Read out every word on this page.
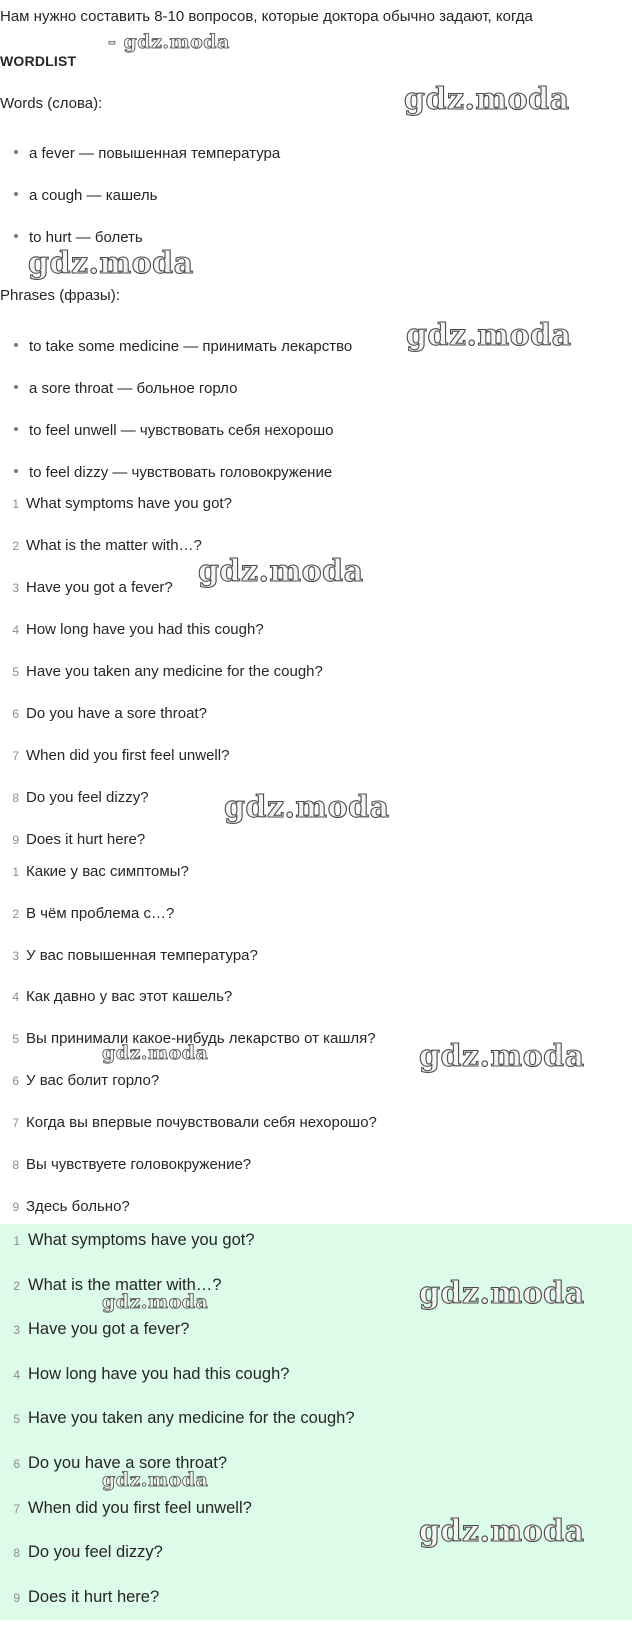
Нам нужно составить 8-10 вопросов, которые доктора обычно задают, когда
WORDLIST
Words (слова):
a fever — повышенная температура
a cough — кашель
to hurt — болеть
Phrases (фразы):
to take some medicine — принимать лекарство
a sore throat — больное горло
to feel unwell — чувствовать себя нехорошо
to feel dizzy — чувствовать головокружение
1 What symptoms have you got?
2 What is the matter with…?
3 Have you got a fever?
4 How long have you had this cough?
5 Have you taken any medicine for the cough?
6 Do you have a sore throat?
7 When did you first feel unwell?
8 Do you feel dizzy?
9 Does it hurt here?
1 Какие у вас симптомы?
2 В чём проблема с…?
3 У вас повышенная температура?
4 Как давно у вас этот кашель?
5 Вы принимали какое-нибудь лекарство от кашля?
6 У вас болит горло?
7 Когда вы впервые почувствовали себя нехорошо?
8 Вы чувствуете головокружение?
9 Здесь больно?
1 What symptoms have you got?
2 What is the matter with…?
3 Have you got a fever?
4 How long have you had this cough?
5 Have you taken any medicine for the cough?
6 Do you have a sore throat?
7 When did you first feel unwell?
8 Do you feel dizzy?
9 Does it hurt here?
- gdz.moda
gdz.moda
gdz.moda
gdz.moda
gdz.moda
gdz.moda
gdz.moda	gdz.moda
gdz.moda	gdz.moda
gdz.moda
gdz.moda
